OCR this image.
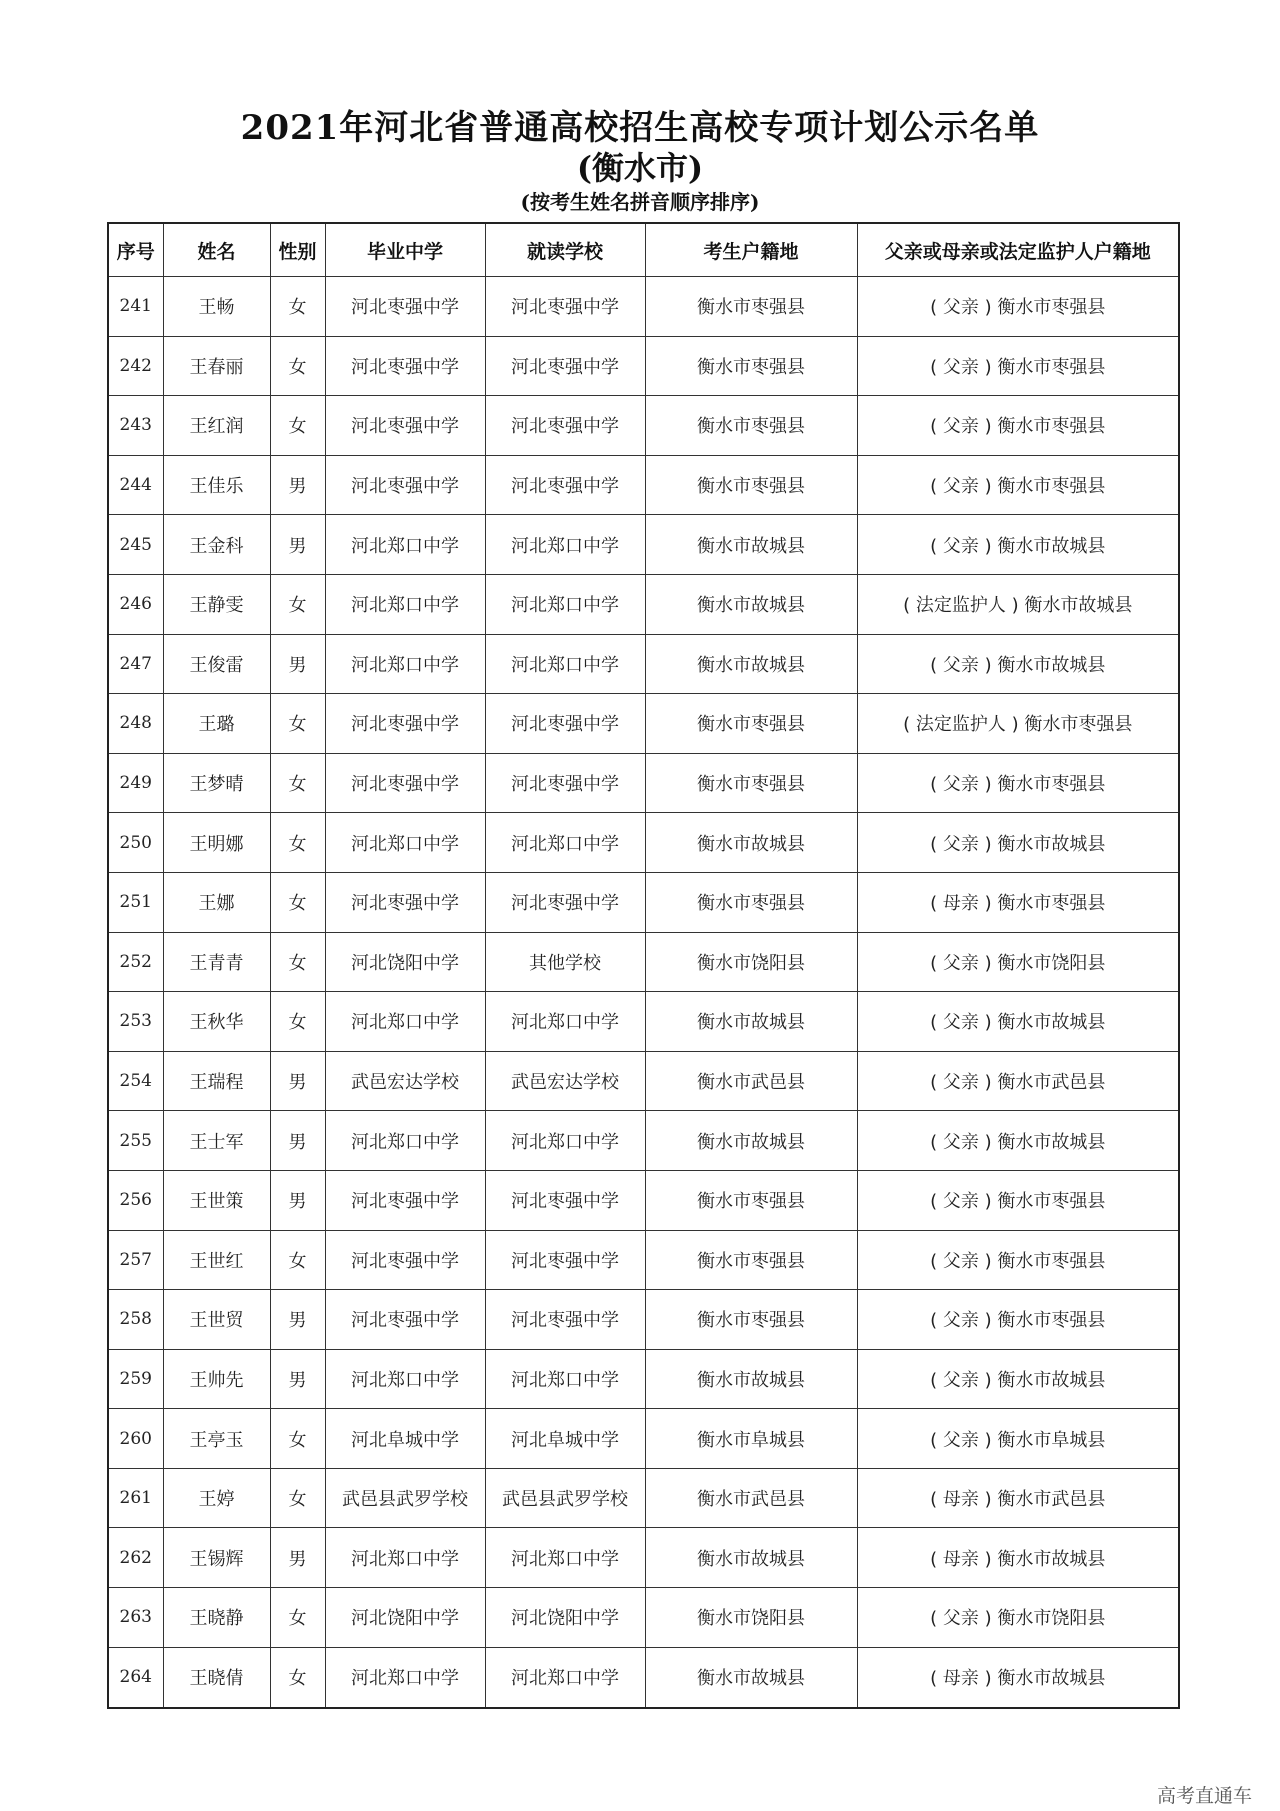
2021年河北省普通高校招生高校专项计划公示名单
(衡水市)
(按考生姓名拼音顺序排序)
序号	姓名	性别	毕业中学	就读学校	考生户籍地	父亲或母亲或法定监护人户籍地
241	王畅	女	河北枣强中学	河北枣强中学	衡水市枣强县	( 父亲 ) 衡水市枣强县
242	王春丽	女	河北枣强中学	河北枣强中学	衡水市枣强县	( 父亲 ) 衡水市枣强县
243	王红润	女	河北枣强中学	河北枣强中学	衡水市枣强县	( 父亲 ) 衡水市枣强县
244	王佳乐	男	河北枣强中学	河北枣强中学	衡水市枣强县	( 父亲 ) 衡水市枣强县
245	王金科	男	河北郑口中学	河北郑口中学	衡水市故城县	( 父亲 ) 衡水市故城县
246	王静雯	女	河北郑口中学	河北郑口中学	衡水市故城县	( 法定监护人 ) 衡水市故城县
247	王俊雷	男	河北郑口中学	河北郑口中学	衡水市故城县	( 父亲 ) 衡水市故城县
248	王璐	女	河北枣强中学	河北枣强中学	衡水市枣强县	( 法定监护人 ) 衡水市枣强县
249	王梦晴	女	河北枣强中学	河北枣强中学	衡水市枣强县	( 父亲 ) 衡水市枣强县
250	王明娜	女	河北郑口中学	河北郑口中学	衡水市故城县	( 父亲 ) 衡水市故城县
251	王娜	女	河北枣强中学	河北枣强中学	衡水市枣强县	( 母亲 ) 衡水市枣强县
252	王青青	女	河北饶阳中学	其他学校	衡水市饶阳县	( 父亲 ) 衡水市饶阳县
253	王秋华	女	河北郑口中学	河北郑口中学	衡水市故城县	( 父亲 ) 衡水市故城县
254	王瑞程	男	武邑宏达学校	武邑宏达学校	衡水市武邑县	( 父亲 ) 衡水市武邑县
255	王士军	男	河北郑口中学	河北郑口中学	衡水市故城县	( 父亲 ) 衡水市故城县
256	王世策	男	河北枣强中学	河北枣强中学	衡水市枣强县	( 父亲 ) 衡水市枣强县
257	王世红	女	河北枣强中学	河北枣强中学	衡水市枣强县	( 父亲 ) 衡水市枣强县
258	王世贸	男	河北枣强中学	河北枣强中学	衡水市枣强县	( 父亲 ) 衡水市枣强县
259	王帅先	男	河北郑口中学	河北郑口中学	衡水市故城县	( 父亲 ) 衡水市故城县
260	王亭玉	女	河北阜城中学	河北阜城中学	衡水市阜城县	( 父亲 ) 衡水市阜城县
261	王婷	女	武邑县武罗学校	武邑县武罗学校	衡水市武邑县	( 母亲 ) 衡水市武邑县
262	王锡辉	男	河北郑口中学	河北郑口中学	衡水市故城县	( 母亲 ) 衡水市故城县
263	王晓静	女	河北饶阳中学	河北饶阳中学	衡水市饶阳县	( 父亲 ) 衡水市饶阳县
264	王晓倩	女	河北郑口中学	河北郑口中学	衡水市故城县	( 母亲 ) 衡水市故城县
高考直通车
